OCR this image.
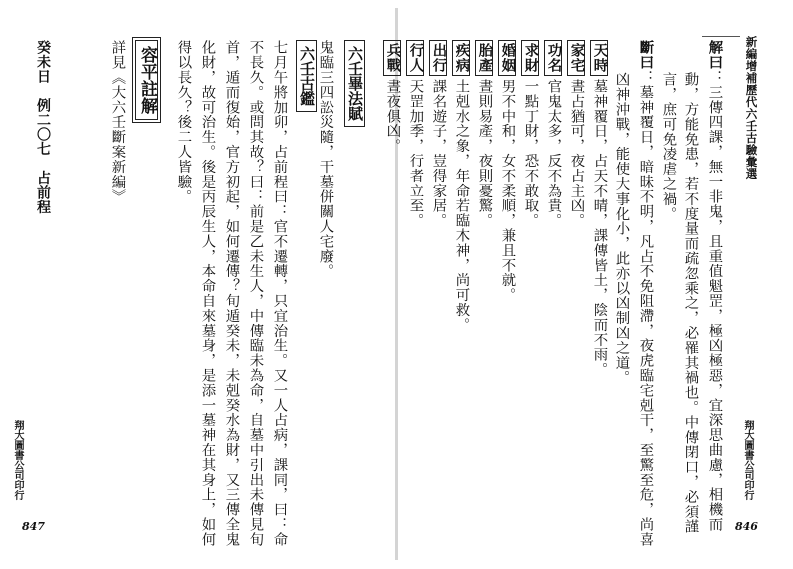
新編增補歷代六壬古驗彙選
解曰：三傳四課，無一非鬼，且重值魁罡，極凶極惡，宜深思曲慮，相機而
動，方能免患，若不度量而疏忽乘之，必罹其禍也。中傳閉口，必須謹
言，庶可免凌虐之禍。
斷曰：墓神覆日，暗昧不明，凡占不免阻滯，夜虎臨宅剋干，至驚至危，尚喜
凶神沖戰，能使大事化小，此亦以凶制凶之道。
天時墓神覆日，占天不晴，課傳皆土，陰而不雨。
家宅晝占猶可，夜占主凶。
功名官鬼太多，反不為貴。
求財一點丁財，恐不敢取。
婚姻男不中和，女不柔順，兼且不就。
胎產晝則易產，夜則憂驚。
疾病土剋水之象，年命若臨木神，尚可救。
出行課名遊子，豈得家居。
行人天罡加季，行者立至。
兵戰晝夜俱凶。
翔大圖書公司印行
846
癸未日　例二〇七　占前程	詳見《大六壬斷案新編》 容平註解 得以長久？後二人皆驗。 化財，故可治生。後是丙辰生人，本命自來墓身，是添一墓神在其身上，如何 首，遁而復始，官方初起，如何遷傳？旬遁癸未，未剋癸水為財，又三傳全鬼 不長久。或問其故？曰：前是乙未生人，中傳臨未為命，自墓中引出未傳見旬 七月午將加卯，占前程曰：官不遷轉，只宜治生。又一人占病，課同，曰：命 六壬古鑑 鬼臨三四訟災隨，干墓併關人宅廢。 六壬畢法賦
翔大圖書公司印行
847
